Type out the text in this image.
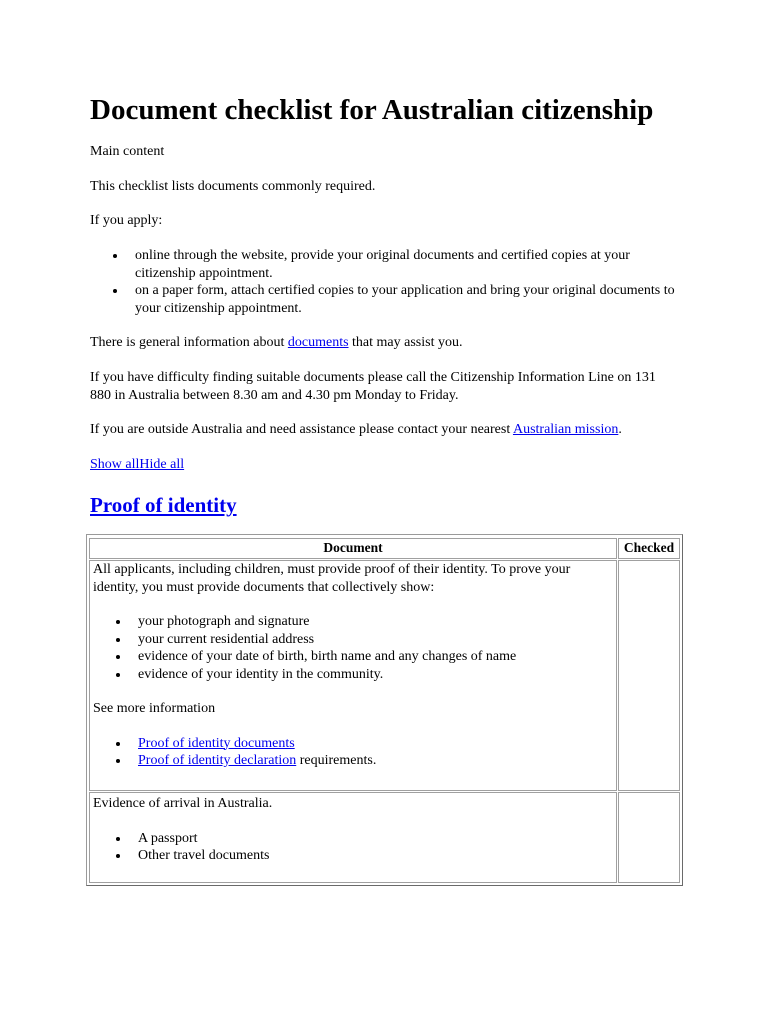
Document checklist for Australian citizenship

Main content

This checklist lists documents commonly required.

If you apply:

online through the website, provide your original documents and certified copies at your citizenship appointment.
on a paper form, attach certified copies to your application and bring your original documents to your citizenship appointment.

There is general information about documents that may assist you.

If you have difficulty finding suitable documents please call the Citizenship Information Line on 131 880 in Australia between 8.30 am and 4.30 pm Monday to Friday.

If you are outside Australia and need assistance please contact your nearest Australian mission.

Show allHide all

Proof of identity
Document	Checked

All applicants, including children, must provide proof of their identity. To prove your identity, you must provide documents that collectively show:

your photograph and signature
your current residential address
evidence of your date of birth, birth name and any changes of name
evidence of your identity in the community.

See more information

Proof of identity documents
Proof of identity declaration requirements.

Evidence of arrival in Australia.

A passport
Other travel documents
